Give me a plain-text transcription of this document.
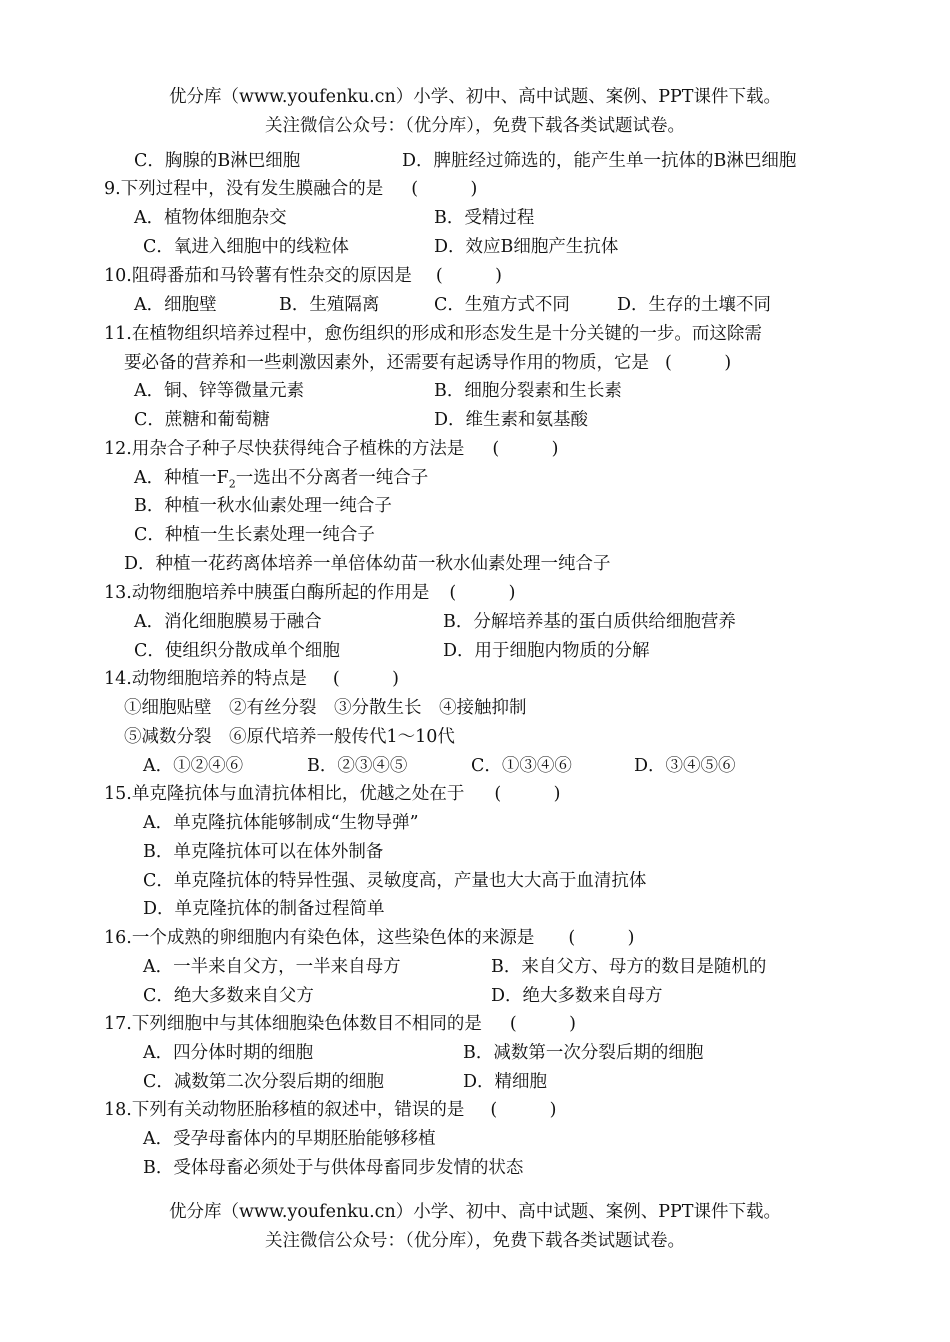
优分库（www.youfenku.cn）小学、初中、高中试题、案例、PPT课件下载。
关注微信公众号：（优分库），免费下载各类试题试卷。
C．胸腺的B淋巴细胞	D．脾脏经过筛选的，能产生单一抗体的B淋巴细胞
9.下列过程中，没有发生膜融合的是 (　　　)
A．植物体细胞杂交	B．受精过程
C．氧进入细胞中的线粒体	D．效应B细胞产生抗体
10.阻碍番茄和马铃薯有性杂交的原因是 (　　　)
A．细胞壁	B．生殖隔离	C．生殖方式不同	D．生存的土壤不同
11.在植物组织培养过程中，愈伤组织的形成和形态发生是十分关键的一步。而这除需
要必备的营养和一些刺激因素外，还需要有起诱导作用的物质，它是 (　　　)
A．铜、锌等微量元素	B．细胞分裂素和生长素
C．蔗糖和葡萄糖	D．维生素和氨基酸
12.用杂合子种子尽快获得纯合子植株的方法是 (　　　)
A．种植一$F_2$一选出不分离者一纯合子
B．种植一秋水仙素处理一纯合子
C．种植一生长素处理一纯合子
D．种植一花药离体培养一单倍体幼苗一秋水仙素处理一纯合子
13.动物细胞培养中胰蛋白酶所起的作用是 (　　　)
A．消化细胞膜易于融合	B．分解培养基的蛋白质供给细胞营养
C．使组织分散成单个细胞	D．用于细胞内物质的分解
14.动物细胞培养的特点是 (　　　)
①细胞贴壁　②有丝分裂　③分散生长　④接触抑制
⑤减数分裂　⑥原代培养一般传代1～10代
A．①②④⑥	B．②③④⑤	C．①③④⑥	D．③④⑤⑥
15.单克隆抗体与血清抗体相比，优越之处在于 (　　　)
A．单克隆抗体能够制成“生物导弹”
B．单克隆抗体可以在体外制备
C．单克隆抗体的特异性强、灵敏度高，产量也大大高于血清抗体
D．单克隆抗体的制备过程简单
16.一个成熟的卵细胞内有染色体，这些染色体的来源是 (　　　)
A．一半来自父方，一半来自母方	B．来自父方、母方的数目是随机的
C．绝大多数来自父方	D．绝大多数来自母方
17.下列细胞中与其体细胞染色体数目不相同的是 (　　　)
A．四分体时期的细胞	B．减数第一次分裂后期的细胞
C．减数第二次分裂后期的细胞	D．精细胞
18.下列有关动物胚胎移植的叙述中，错误的是 (　　　)
A．受孕母畜体内的早期胚胎能够移植
B．受体母畜必须处于与供体母畜同步发情的状态
优分库（www.youfenku.cn）小学、初中、高中试题、案例、PPT课件下载。
关注微信公众号：（优分库），免费下载各类试题试卷。
